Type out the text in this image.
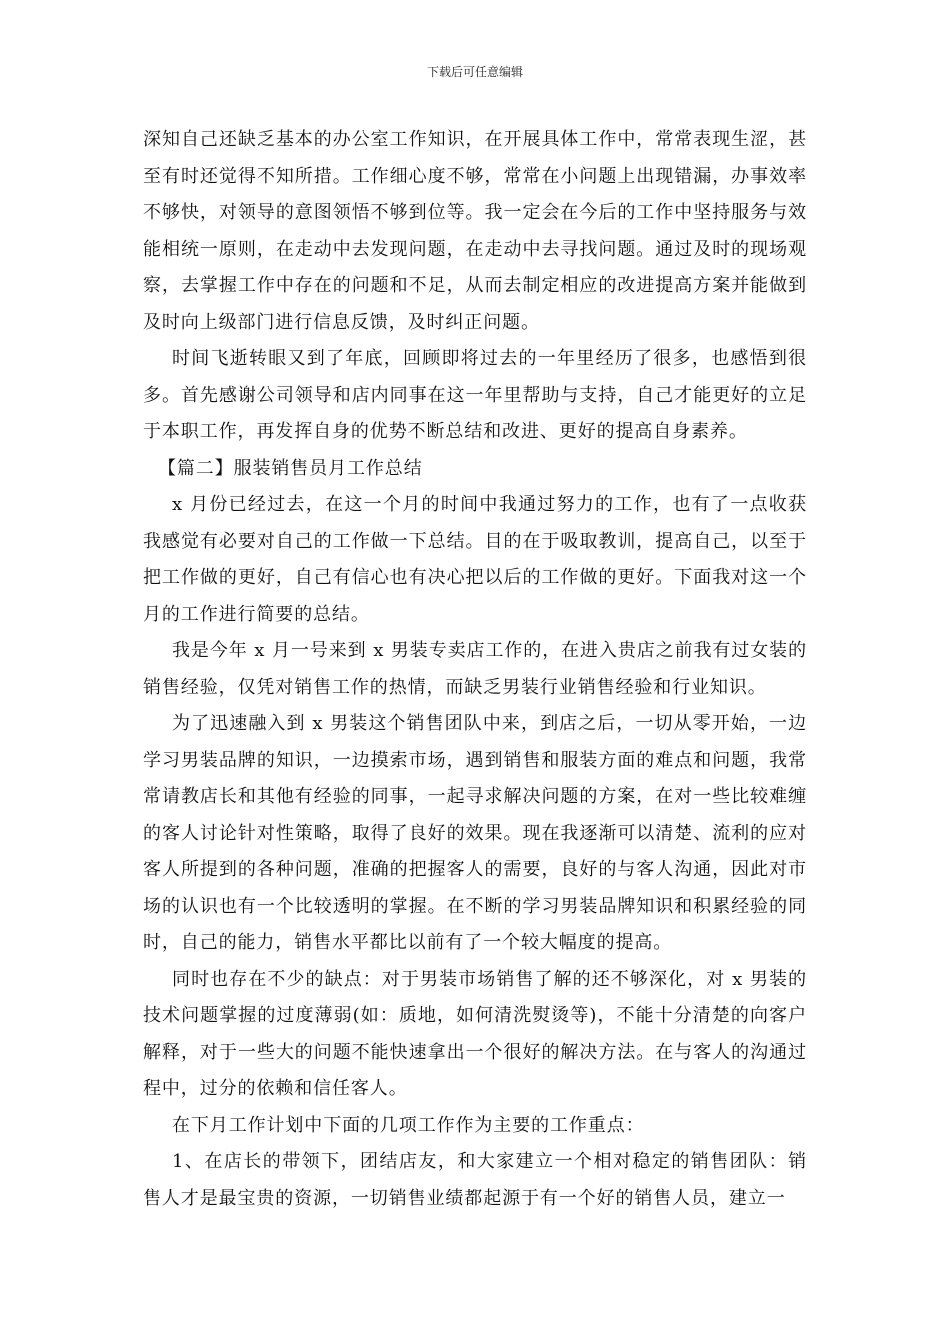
下载后可任意编辑

深知自己还缺乏基本的办公室工作知识，在开展具体工作中，常常表现生涩，甚至有时还觉得不知所措。工作细心度不够，常常在小问题上出现错漏，办事效率不够快，对领导的意图领悟不够到位等。我一定会在今后的工作中坚持服务与效能相统一原则，在走动中去发现问题，在走动中去寻找问题。通过及时的现场观察，去掌握工作中存在的问题和不足，从而去制定相应的改进提高方案并能做到及时向上级部门进行信息反馈，及时纠正问题。

时间飞逝转眼又到了年底，回顾即将过去的一年里经历了很多，也感悟到很多。首先感谢公司领导和店内同事在这一年里帮助与支持，自己才能更好的立足于本职工作，再发挥自身的优势不断总结和改进、更好的提高自身素养。

【篇二】服装销售员月工作总结

x 月份已经过去，在这一个月的时间中我通过努力的工作，也有了一点收获我感觉有必要对自己的工作做一下总结。目的在于吸取教训，提高自己，以至于把工作做的更好，自己有信心也有决心把以后的工作做的更好。下面我对这一个月的工作进行简要的总结。

我是今年 x 月一号来到 x 男装专卖店工作的，在进入贵店之前我有过女装的销售经验，仅凭对销售工作的热情，而缺乏男装行业销售经验和行业知识。

为了迅速融入到 x 男装这个销售团队中来，到店之后，一切从零开始，一边学习男装品牌的知识，一边摸索市场，遇到销售和服装方面的难点和问题，我常常请教店长和其他有经验的同事，一起寻求解决问题的方案，在对一些比较难缠的客人讨论针对性策略，取得了良好的效果。现在我逐渐可以清楚、流利的应对客人所提到的各种问题，准确的把握客人的需要，良好的与客人沟通，因此对市场的认识也有一个比较透明的掌握。在不断的学习男装品牌知识和积累经验的同时，自己的能力，销售水平都比以前有了一个较大幅度的提高。

同时也存在不少的缺点：对于男装市场销售了解的还不够深化，对 x 男装的技术问题掌握的过度薄弱(如：质地，如何清洗熨烫等)，不能十分清楚的向客户解释，对于一些大的问题不能快速拿出一个很好的解决方法。在与客人的沟通过程中，过分的依赖和信任客人。

在下月工作计划中下面的几项工作作为主要的工作重点：

1、在店长的带领下，团结店友，和大家建立一个相对稳定的销售团队：销售人才是最宝贵的资源，一切销售业绩都起源于有一个好的销售人员，建立一
